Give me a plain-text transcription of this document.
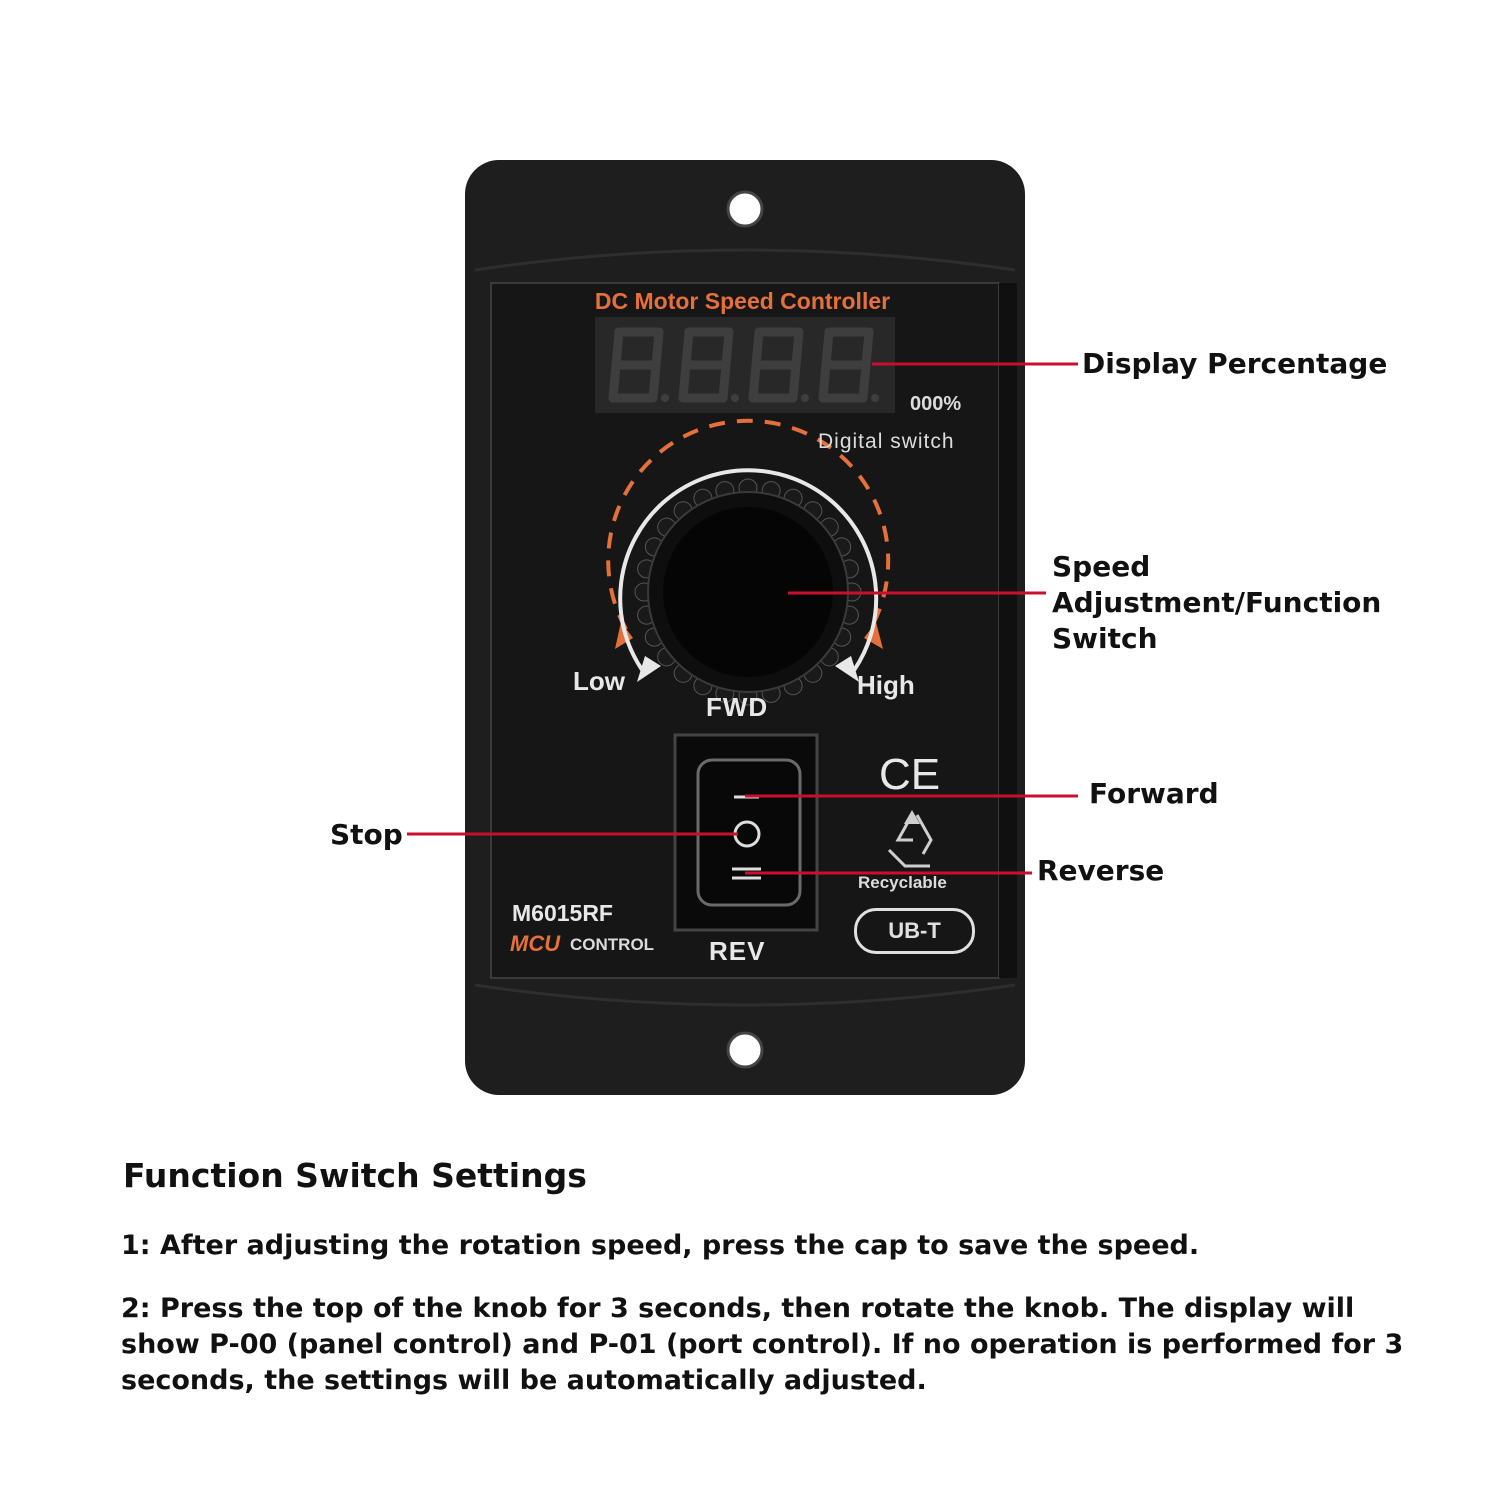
DC Motor Speed Controller
000%
Digital switch
Low	High
FWD
REV
CE
Recyclable
M6015RF
MCU CONTROL
UB-T
Display Percentage
Speed
Adjustment/Function
Switch
Forward
Reverse
Stop
Function Switch Settings
1: After adjusting the rotation speed, press the cap to save the speed.
2: Press the top of the knob for 3 seconds, then rotate the knob. The display will show P-00 (panel control) and P-01 (port control). If no operation is performed for 3 seconds, the settings will be automatically adjusted.
